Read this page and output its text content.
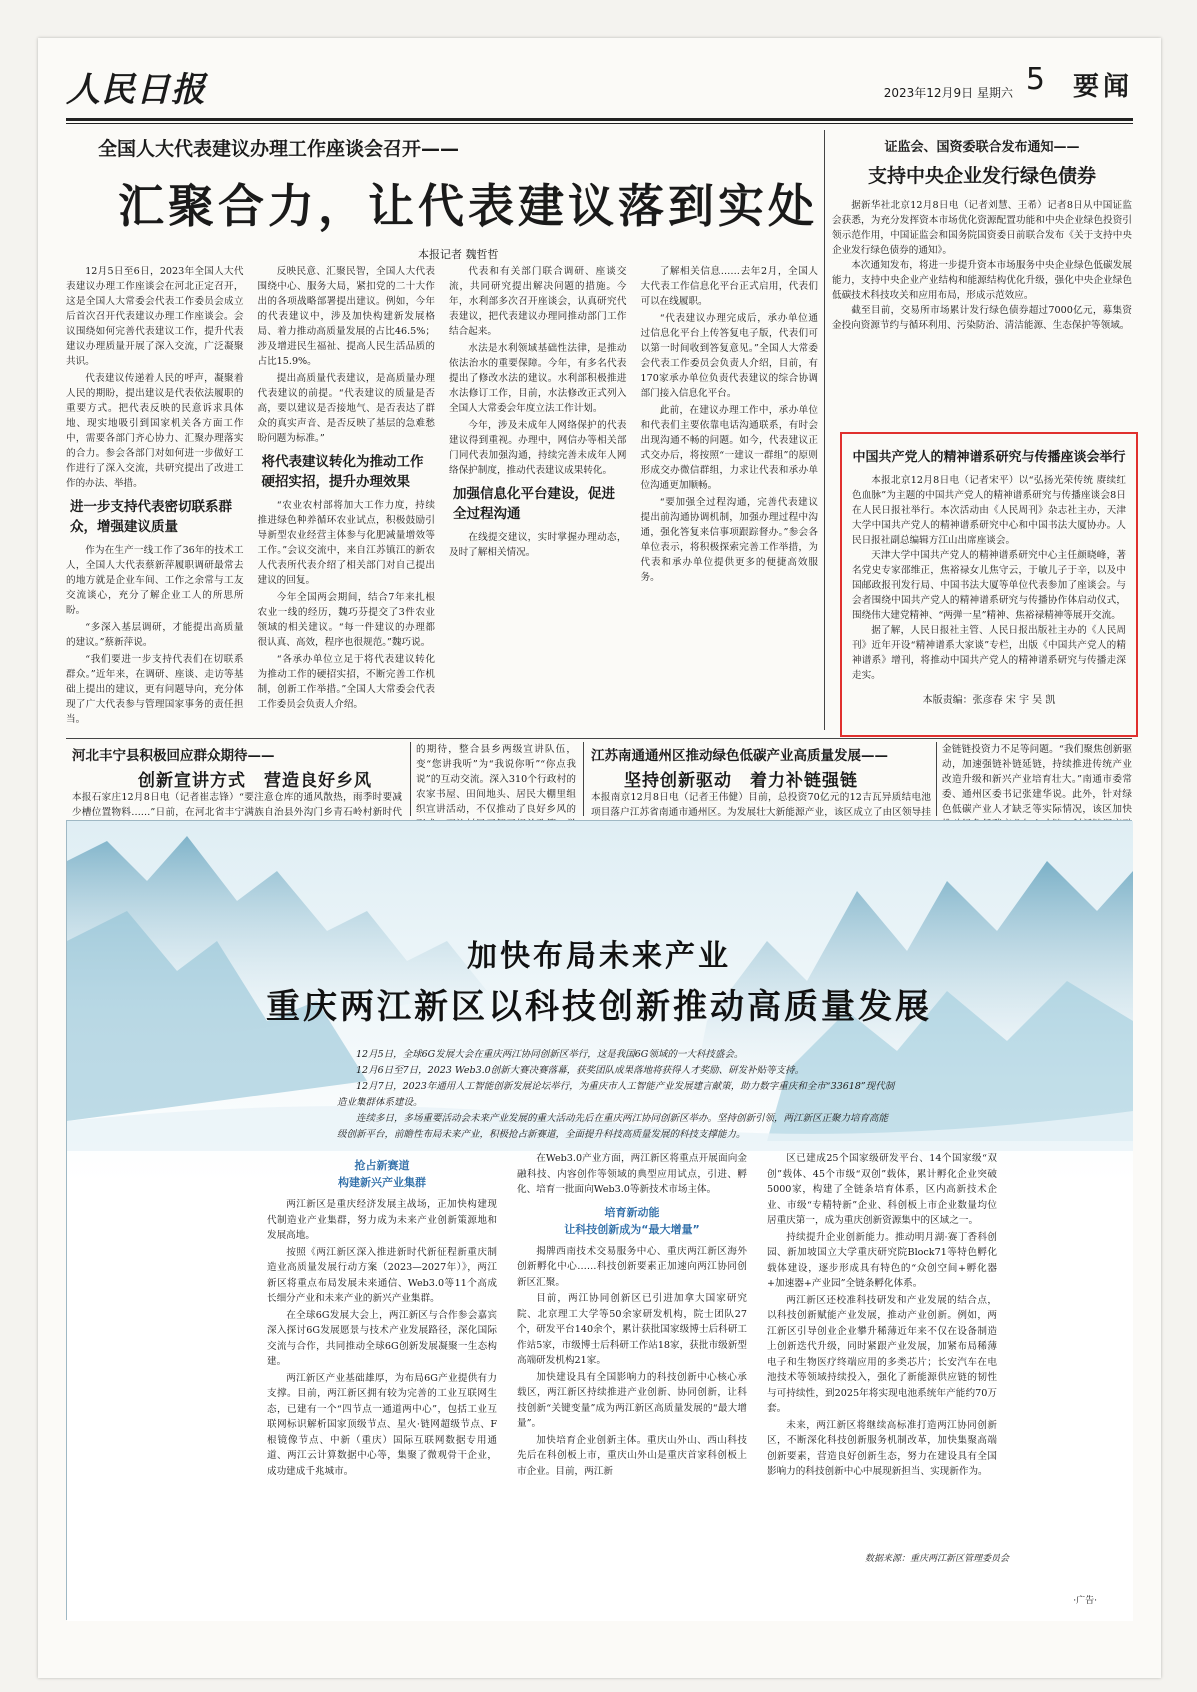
人民日报	2023年12月9日 星期六 5 要闻
全国人大代表建议办理工作座谈会召开——
汇聚合力，让代表建议落到实处
本报记者 魏哲哲

12月5日至6日，2023年全国人大代表建议办理工作座谈会在河北正定召开，这是全国人大常委会代表工作委员会成立后首次召开代表建议办理工作座谈会。会议围绕如何完善代表建议工作，提升代表建议办理质量开展了深入交流，广泛凝聚共识。

代表建议传递着人民的呼声，凝聚着人民的期盼，提出建议是代表依法履职的重要方式。把代表反映的民意诉求具体地、现实地吸引到国家机关各方面工作中，需要各部门齐心协力、汇聚办理落实的合力。参会各部门对如何进一步做好工作进行了深入交流，共研究提出了改进工作的办法、举措。

进一步支持代表密切联系群众，增强建议质量

作为在生产一线工作了36年的技术工人，全国人大代表蔡新萍履职调研最常去的地方就是企业车间、工作之余常与工友交流谈心，充分了解企业工人的所思所盼。

“多深入基层调研，才能提出高质量的建议。”蔡新萍说。

“我们要进一步支持代表们在切联系群众。”近年来，在调研、座谈、走访等基础上提出的建议，更有问题导向，充分体现了广大代表参与管理国家事务的责任担当。

反映民意、汇聚民智，全国人大代表围绕中心、服务大局，紧扣党的二十大作出的各项战略部署提出建议。例如，今年的代表建议中，涉及加快构建新发展格局、着力推动高质量发展的占比46.5%；涉及增进民生福祉、提高人民生活品质的占比15.9%。

提出高质量代表建议，是高质量办理代表建议的前提。“代表建议的质量是否高，要以建议是否接地气、是否表达了群众的真实声音、是否反映了基层的急难愁盼问题为标准。”

将代表建议转化为推动工作硬招实招，提升办理效果

“农业农村部将加大工作力度，持续推进绿色种养循环农业试点，积极鼓励引导新型农业经营主体参与化肥减量增效等工作。”会议交流中，来自江苏镇江的新农人代表所代表介绍了相关部门对自己提出建议的回复。

今年全国两会期间，结合7年来扎根农业一线的经历，魏巧芬提交了3件农业领域的相关建议。“每一件建议的办理都很认真、高效，程序也很规范。”魏巧说。

“各承办单位立足于将代表建议转化为推动工作的硬招实招，不断完善工作机制，创新工作举措。”全国人大常委会代表工作委员会负责人介绍。

代表和有关部门联合调研、座谈交流，共同研究提出解决问题的措施。今年，水利部多次召开座谈会，认真研究代表建议，把代表建议办理同推动部门工作结合起来。

水法是水利领域基础性法律，是推动依法治水的重要保障。今年，有多名代表提出了修改水法的建议。水利部积极推进水法修订工作，目前，水法修改正式列入全国人大常委会年度立法工作计划。

今年，涉及未成年人网络保护的代表建议得到重视。办理中，网信办等相关部门同代表加强沟通，持续完善未成年人网络保护制度，推动代表建议成果转化。

加强信息化平台建设，促进全过程沟通

在线提交建议，实时掌握办理动态，及时了解相关情况。

了解相关信息……去年2月，全国人大代表工作信息化平台正式启用，代表们可以在线履职。

“代表建议办理完成后，承办单位通过信息化平台上传答复电子版，代表们可以第一时间收到答复意见。”全国人大常委会代表工作委员会负责人介绍，目前，有170家承办单位负责代表建议的综合协调部门接入信息化平台。

此前，在建议办理工作中，承办单位和代表们主要依靠电话沟通联系，有时会出现沟通不畅的问题。如今，代表建议正式交办后，将按照“一建议一群组”的原则形成交办微信群组，力求让代表和承办单位沟通更加顺畅。

“要加强全过程沟通，完善代表建议提出前沟通协调机制，加强办理过程中沟通，强化答复来信事项跟踪督办。”参会各单位表示，将积极探索完善工作举措，为代表和承办单位提供更多的便捷高效服务。

证监会、国资委联合发布通知——
支持中央企业发行绿色债券

据新华社北京12月8日电（记者刘慧、王希）记者8日从中国证监会获悉，为充分发挥资本市场优化资源配置功能和中央企业绿色投资引领示范作用，中国证监会和国务院国资委日前联合发布《关于支持中央企业发行绿色债券的通知》。

本次通知发布，将进一步提升资本市场服务中央企业绿色低碳发展能力，支持中央企业产业结构和能源结构优化升级，强化中央企业绿色低碳技术科技攻关和应用布局，形成示范效应。

截至目前，交易所市场累计发行绿色债券超过7000亿元，募集资金投向资源节约与循环利用、污染防治、清洁能源、生态保护等领域。

中国共产党人的精神谱系研究与传播座谈会举行

本报北京12月8日电（记者宋平）以“弘扬光荣传统 赓续红色血脉”为主题的中国共产党人的精神谱系研究与传播座谈会8日在人民日报社举行。本次活动由《人民周刊》杂志社主办，天津大学中国共产党人的精神谱系研究中心和中国书法大厦协办。人民日报社副总编辑方江山出席座谈会。

天津大学中国共产党人的精神谱系研究中心主任颜晓峰，著名党史专家邵维正，焦裕禄女儿焦守云，于敏儿子于辛，以及中国邮政报刊发行局、中国书法大厦等单位代表参加了座谈会。与会者围绕中国共产党人的精神谱系研究与传播协作体启动仪式，围绕伟大建党精神、“两弹一星”精神、焦裕禄精神等展开交流。

据了解，人民日报社主管、人民日报出版社主办的《人民周刊》近年开设“精神谱系大家谈”专栏，出版《中国共产党人的精神谱系》增刊，将推动中国共产党人的精神谱系研究与传播走深走实。

本版责编：张彦春 宋 宇 吴 凯
河北丰宁县积极回应群众期待——
创新宣讲方式　营造良好乡风
本报石家庄12月8日电（记者崔志锋）“要注意仓库的通风散热，雨季时要减少槽位置物料……”日前，在河北省丰宁满族自治县外沟门乡青石岭村新时代
的期待，整合县乡两级宣讲队伍，变“您讲我听”为“我说你听”“你点我说”的互动交流。深入310个行政村的农家书屋、田间地头、居民大棚里组织宣讲活动，不仅推动了良好乡风的
江苏南通通州区推动绿色低碳产业高质量发展——
坚持创新驱动　着力补链强链
本报南京12月8日电（记者王伟健）目前，总投资70亿元的12吉瓦异质结电池项目落户江苏省南通市通州区。为发展壮大新能源产业，该区成立了由区领导挂
金链链投资力不足等问题。“我们聚焦创新驱动，加速强链补链延链，持续推进传统产业改造升级和新兴产业培育壮大。”南通市委常委、通州区委书记张建华说。此外，针对绿色低碳产业人才缺乏等实际情况，该区加快
加快布局未来产业
重庆两江新区以科技创新推动高质量发展

12月5日，全球6G发展大会在重庆两江协同创新区举行，这是我国6G领域的一大科技盛会。

12月6日至7日，2023 Web3.0创新大赛决赛落幕，获奖团队成果落地将获得人才奖励、研发补贴等支持。

12月7日，2023年通用人工智能创新发展论坛举行，为重庆市人工智能产业发展建言献策，助力数字重庆和全市“33618”现代制造业集群体系建设。

连续多日，多场重要活动会未来产业发展的重大活动先后在重庆两江协同创新区举办。坚持创新引领，两江新区正聚力培育高能级创新平台，前瞻性布局未来产业，积极抢占新赛道，全面提升科技高质量发展的科技支撑能力。

抢占新赛道
构建新兴产业集群

两江新区是重庆经济发展主战场，正加快构建现代制造业产业集群，努力成为未来产业创新策源地和发展高地。

按照《两江新区深入推进新时代新征程新重庆制造业高质量发展行动方案（2023—2027年）》，两江新区将重点布局发展未来通信、Web3.0等11个高成长细分产业和未来产业的新兴产业集群。

在全球6G发展大会上，两江新区与合作参会嘉宾深入探讨6G发展愿景与技术产业发展路径，深化国际交流与合作，共同推动全球6G创新发展凝聚一生态构建。

两江新区产业基础雄厚，为布局6G产业提供有力支撑。目前，两江新区拥有较为完善的工业互联网生态，已建有一个“四节点一通道两中心”，包括工业互联网标识解析国家顶级节点、星火·链网超级节点、F根镜像节点、中新（重庆）国际互联网数据专用通道、两江云计算数据中心等，集聚了微观骨干企业，成功建成千兆城市。

在Web3.0产业方面，两江新区将重点开展面向金融科技、内容创作等领域的典型应用试点，引进、孵化、培育一批面向Web3.0等新技术市场主体。

培育新动能
让科技创新成为“最大增量”

揭牌西南技术交易服务中心、重庆两江新区海外创新孵化中心……科技创新要素正加速向两江协同创新区汇聚。

目前，两江协同创新区已引进加拿大国家研究院、北京理工大学等50余家研发机构，院士团队27个，研发平台140余个，累计获批国家级博士后科研工作站5家，市级博士后科研工作站18家，获批市级新型高端研发机构21家。

加快建设具有全国影响力的科技创新中心核心承载区，两江新区持续推进产业创新、协同创新，让科技创新“关键变量”成为两江新区高质量发展的“最大增量”。

加快培育企业创新主体。重庆山外山、西山科技先后在科创板上市，重庆山外山是重庆首家科创板上市企业。目前，两江新

区已建成25个国家级研发平台、14个国家级“双创”载体、45个市级“双创”载体，累计孵化企业突破5000家，构建了全链条培育体系，区内高新技术企业、市级“专精特新”企业、科创板上市企业数量均位居重庆第一，成为重庆创新资源集中的区域之一。

持续提升企业创新能力。推动明月湖·赛丁香科创园、新加坡国立大学重庆研究院Block71等特色孵化载体建设，逐步形成具有特色的“众创空间+孵化器+加速器+产业园”全链条孵化体系。

两江新区还校准科技研发和产业发展的结合点，以科技创新赋能产业发展，推动产业创新。例如，两江新区引导创业企业攀升稀薄近年来不仅在设备制造上创新迭代升级，同时紧跟产业发展，加紧布局稀薄电子和生物医疗终端应用的多类芯片；长安汽车在电池技术等领域持续投入，强化了新能源供应链的韧性与可持续性，到2025年将实现电池系统年产能约70万套。

未来，两江新区将继续高标准打造两江协同创新区，不断深化科技创新服务机制改革，加快集聚高端创新要素，营造良好创新生态，努力在建设具有全国影响力的科技创新中心中展现新担当、实现新作为。

数据来源：重庆两江新区管理委员会
·广告·
